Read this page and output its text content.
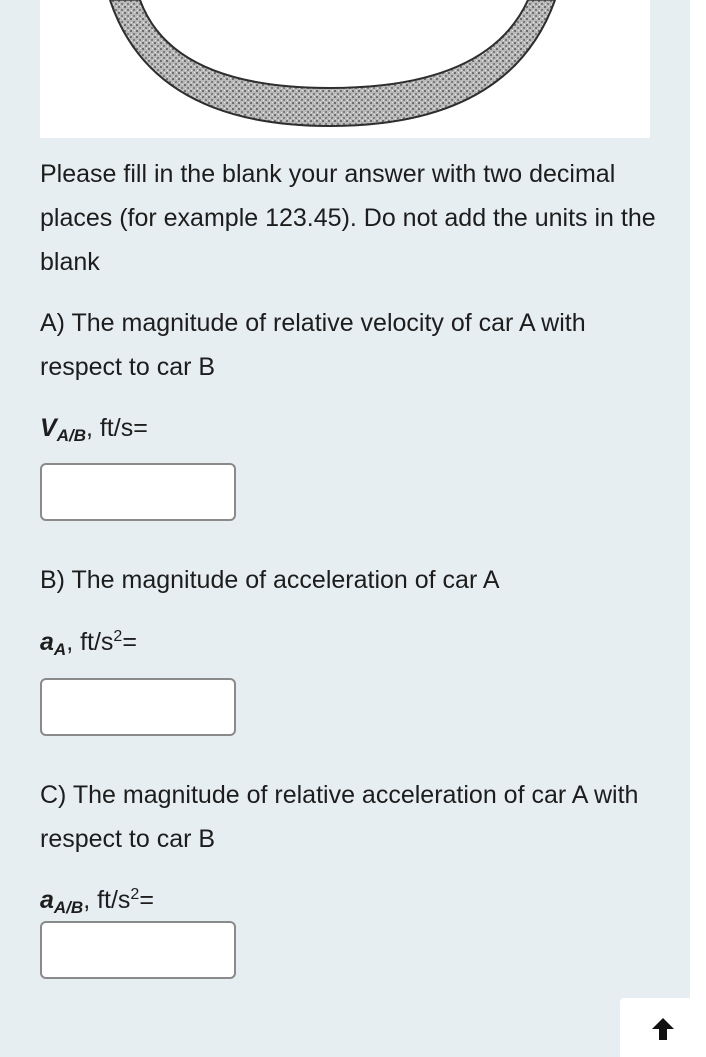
Please fill in the blank your answer with two decimal places (for example 123.45). Do not add the units in the blank

A) The magnitude of relative velocity of car A with respect to car B

$V_{A/B}$, ft/s=

B) The magnitude of acceleration of car A

$a_A$, $ft/s^2=$

C) The magnitude of relative acceleration of car A with respect to car B

$a_{A/B}$, $ft/s^2=$
